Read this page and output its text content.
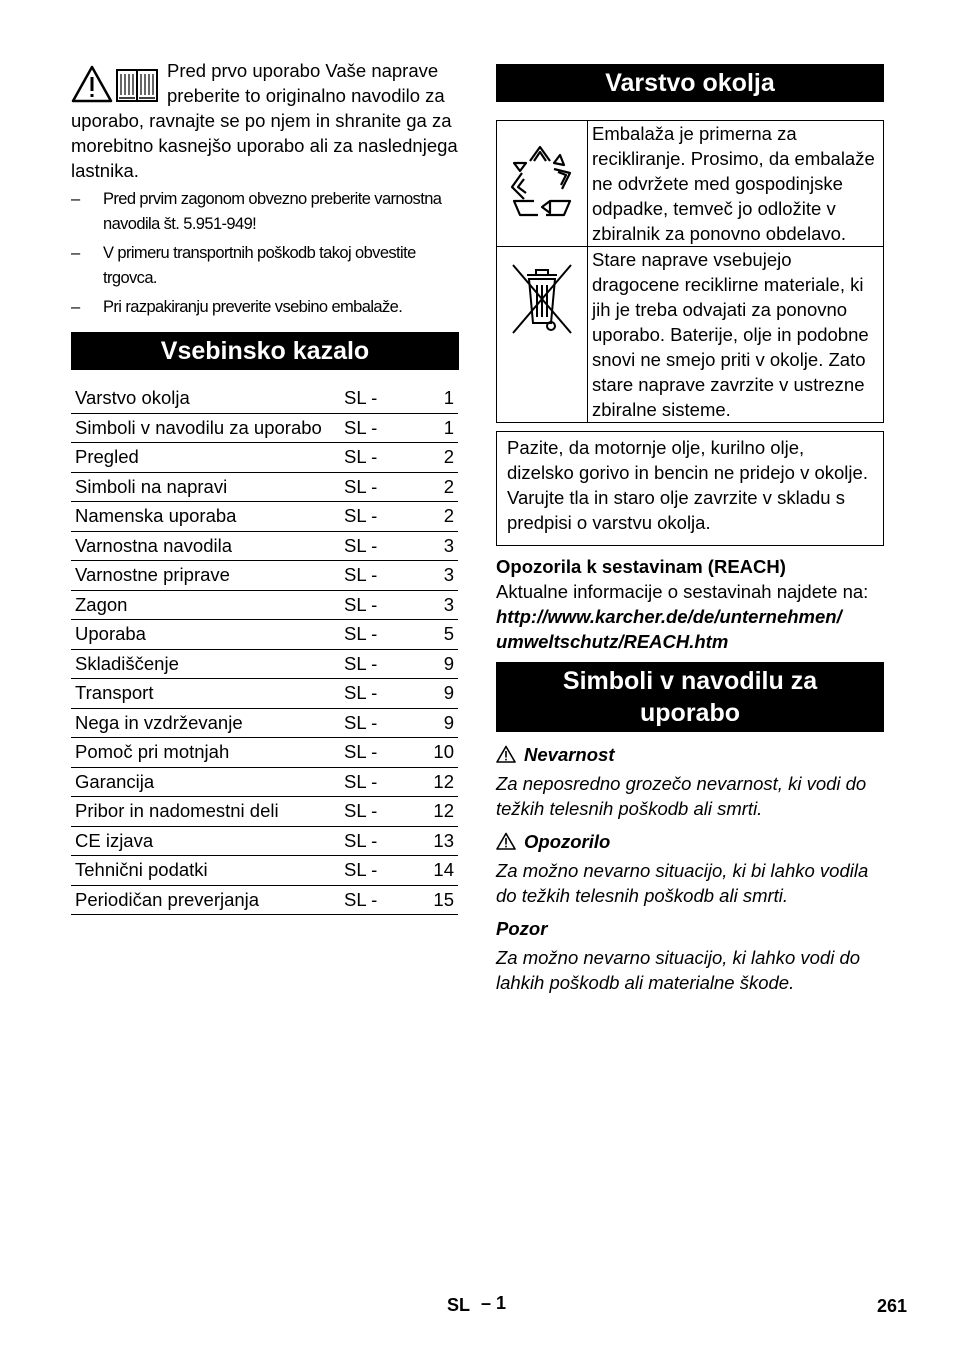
Pred prvo uporabo Vaše naprave preberite to originalno navodilo za uporabo, ravnajte se po njem in shranite ga za morebitno kasnejšo uporabo ali za naslednjega lastnika.
– Pred prvim zagonom obvezno preberite varnostna navodila št. 5.951-949!
– V primeru transportnih poškodb takoj obvestite trgovca.
– Pri razpakiranju preverite vsebino embalaže.
Vsebinsko kazalo
Varstvo okolja	SL -	1
Simboli v navodilu za uporabo	SL -	1
Pregled	SL -	2
Simboli na napravi	SL -	2
Namenska uporaba	SL -	2
Varnostna navodila	SL -	3
Varnostne priprave	SL -	3
Zagon	SL -	3
Uporaba	SL -	5
Skladiščenje	SL -	9
Transport	SL -	9
Nega in vzdrževanje	SL -	9
Pomoč pri motnjah	SL -	10
Garancija	SL -	12
Pribor in nadomestni deli	SL -	12
CE izjava	SL -	13
Tehnični podatki	SL -	14
Periodičan preverjanja	SL -	15
Varstvo okolja
	Embalaža je primerna za recikliranje. Prosimo, da embalaže ne odvržete med gospodinjske odpadke, temveč jo odložite v zbiralnik za ponovno obdelavo.
	Stare naprave vsebujejo dragocene reciklirne materiale, ki jih je treba odvajati za ponovno uporabo. Baterije, olje in podobne snovi ne smejo priti v okolje. Zato stare naprave zavrzite v ustrezne zbiralne sisteme.
Pazite, da motornje olje, kurilno olje, dizelsko gorivo in bencin ne pridejo v okolje. Varujte tla in staro olje zavrzite v skladu s predpisi o varstvu okolja.

Opozorila k sestavinam (REACH)

Aktualne informacije o sestavinah najdete na:

http://www.karcher.de/de/unternehmen/

umweltschutz/REACH.htm

Simboli v navodilu za
uporabo
Nevarnost

Za neposredno grozečo nevarnost, ki vodi do težkih telesnih poškodb ali smrti.

Opozorilo

Za možno nevarno situacijo, ki bi lahko vodila do težkih telesnih poškodb ali smrti.

Pozor

Za možno nevarno situacijo, ki lahko vodi do lahkih poškodb ali materialne škode.

SL – 1	261
